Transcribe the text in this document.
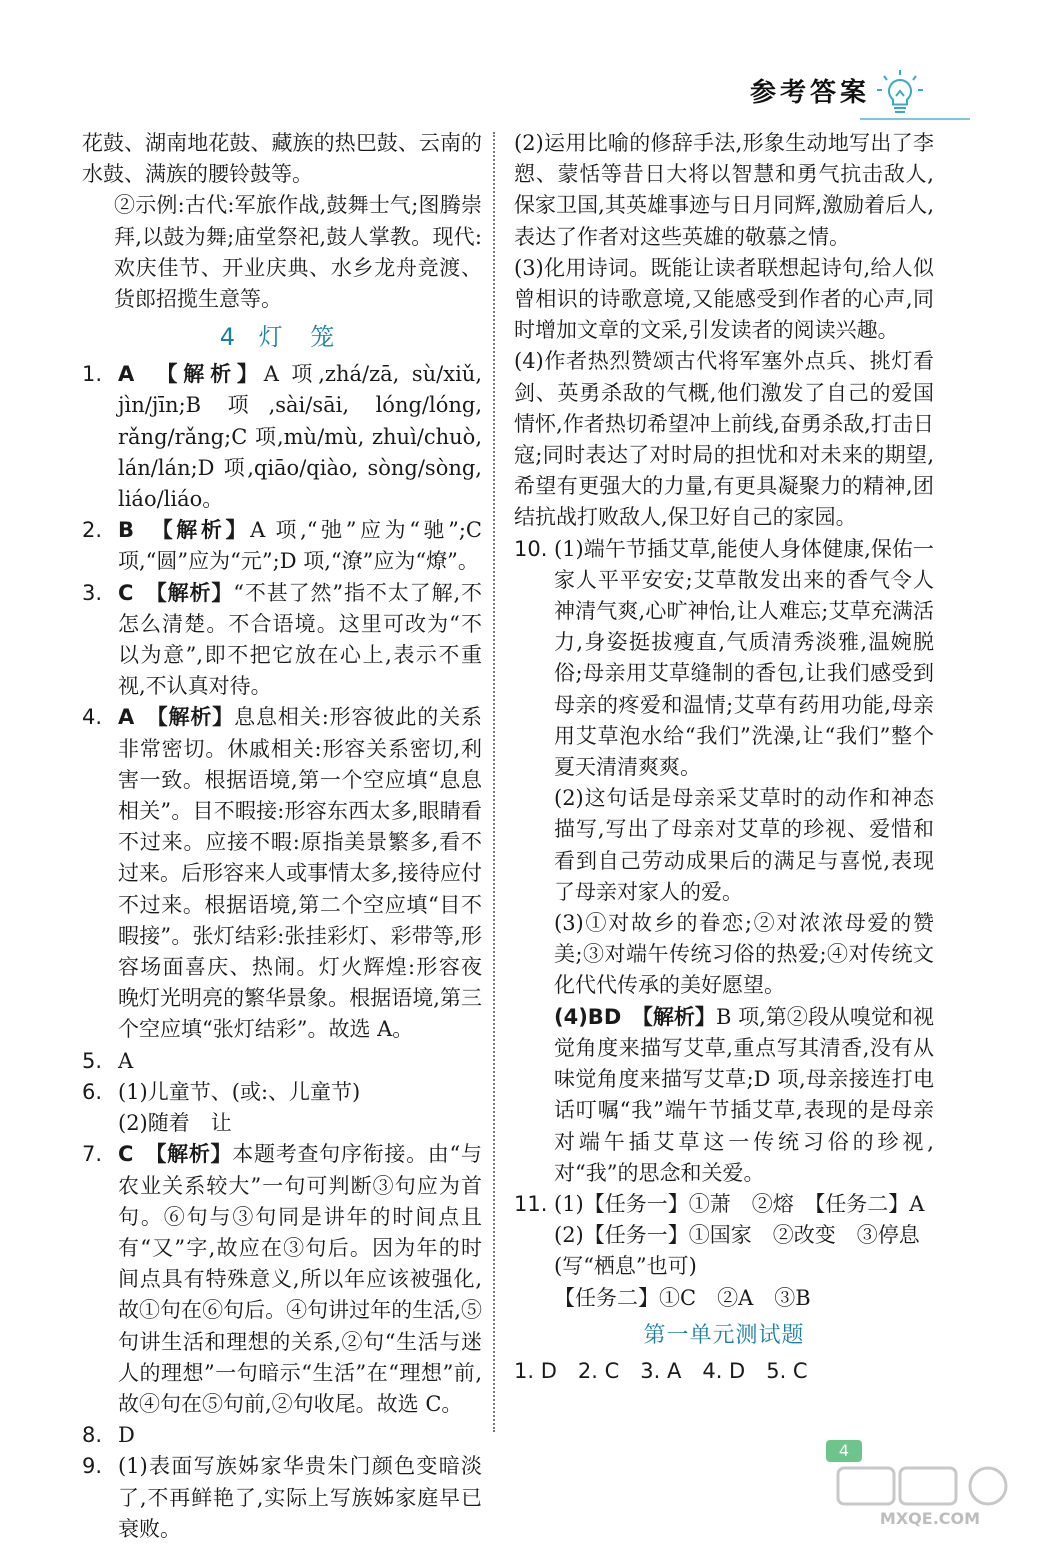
参考答案

花鼓、湖南地花鼓、藏族的热巴鼓、云南的水鼓、满族的腰铃鼓等。

②示例:古代:军旅作战,鼓舞士气;图腾崇拜,以鼓为舞;庙堂祭祀,鼓人掌教。现代:欢庆佳节、开业庆典、水乡龙舟竞渡、货郎招揽生意等。

4 灯 笼
1. A　 【解析】A 项,zhá/zā, sù/xiǔ, jìn/jīn;B 项,sài/sāi, lóng/lóng, rǎng/rǎng;C 项,mù/mù, zhuì/chuò, lán/lán;D 项,qiāo/qiào, sòng/sòng, liáo/liáo。
2. B　 【解析】A 项,“弛”应为“驰”;C 项,“圆”应为“元”;D 项,“潦”应为“燎”。
3. C　 【解析】“不甚了然”指不太了解,不怎么清楚。不合语境。这里可改为“不以为意”,即不把它放在心上,表示不重视,不认真对待。
4. A　 【解析】息息相关:形容彼此的关系非常密切。休戚相关:形容关系密切,利害一致。根据语境,第一个空应填“息息相关”。目不暇接:形容东西太多,眼睛看不过来。应接不暇:原指美景繁多,看不过来。后形容来人或事情太多,接待应付不过来。根据语境,第二个空应填“目不暇接”。张灯结彩:张挂彩灯、彩带等,形容场面喜庆、热闹。灯火辉煌:形容夜晚灯光明亮的繁华景象。根据语境,第三个空应填“张灯结彩”。故选 A。
5. A
6. (1)儿童节、(或:、儿童节)
(2)随着　让
7. C　 【解析】本题考查句序衔接。由“与农业关系较大”一句可判断③句应为首句。⑥句与③句同是讲年的时间点且有“又”字,故应在③句后。因为年的时间点具有特殊意义,所以年应该被强化,故①句在⑥句后。④句讲过年的生活,⑤句讲生活和理想的关系,②句“生活与迷人的理想”一句暗示“生活”在“理想”前,故④句在⑤句前,②句收尾。故选 C。
8. D
9. (1)表面写族姊家华贵朱门颜色变暗淡了,不再鲜艳了,实际上写族姊家庭早已衰败。

(2)运用比喻的修辞手法,形象生动地写出了李愬、蒙恬等昔日大将以智慧和勇气抗击敌人,保家卫国,其英雄事迹与日月同辉,激励着后人,表达了作者对这些英雄的敬慕之情。

(3)化用诗词。既能让读者联想起诗句,给人似曾相识的诗歌意境,又能感受到作者的心声,同时增加文章的文采,引发读者的阅读兴趣。

(4)作者热烈赞颂古代将军塞外点兵、挑灯看剑、英勇杀敌的气概,他们激发了自己的爱国情怀,作者热切希望冲上前线,奋勇杀敌,打击日寇;同时表达了对时局的担忧和对未来的期望,希望有更强大的力量,有更具凝聚力的精神,团结抗战打败敌人,保卫好自己的家园。

10. (1)端午节插艾草,能使人身体健康,保佑一家人平平安安;艾草散发出来的香气令人神清气爽,心旷神怡,让人难忘;艾草充满活力,身姿挺拔瘦直,气质清秀淡雅,温婉脱俗;母亲用艾草缝制的香包,让我们感受到母亲的疼爱和温情;艾草有药用功能,母亲用艾草泡水给“我们”洗澡,让“我们”整个夏天清清爽爽。
(2)这句话是母亲采艾草时的动作和神态描写,写出了母亲对艾草的珍视、爱惜和看到自己劳动成果后的满足与喜悦,表现了母亲对家人的爱。
(3)①对故乡的眷恋;②对浓浓母爱的赞美;③对端午传统习俗的热爱;④对传统文化代代传承的美好愿望。
(4)BD　 【解析】B 项,第②段从嗅觉和视觉角度来描写艾草,重点写其清香,没有从味觉角度来描写艾草;D 项,母亲接连打电话叮嘱“我”端午节插艾草,表现的是母亲对端午插艾草这一传统习俗的珍视,对“我”的思念和关爱。
11. (1)【任务一】①萧　②熔　【任务二】A
(2)【任务一】①国家　②改变　③停息
(写“栖息”也可)
【任务二】①C　②A　③B
第一单元测试题
1. D　2. C　3. A　4. D　5. C
4
MXQE.COM
